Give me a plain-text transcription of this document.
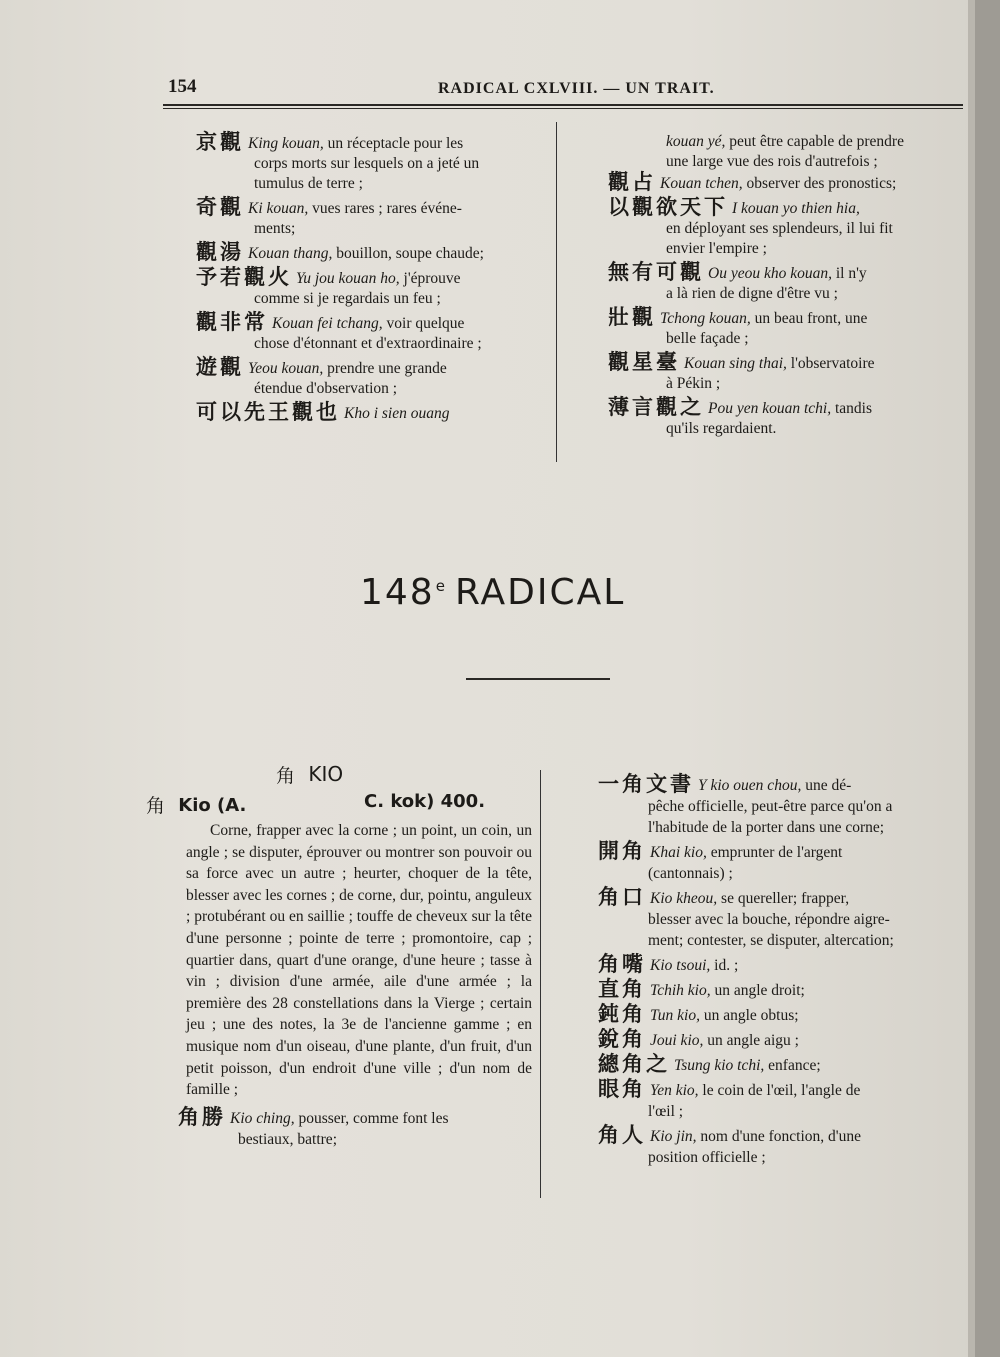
154	RADICAL CXLVIII. — UN TRAIT.
京觀 King kouan, un réceptacle pour les
corps morts sur lesquels on a jeté un
tumulus de terre ;
奇觀 Ki kouan, vues rares ; rares événe-
ments;
觀湯 Kouan thang, bouillon, soupe chaude;
予若觀火 Yu jou kouan ho, j'éprouve
comme si je regardais un feu ;
觀非常 Kouan fei tchang, voir quelque
chose d'étonnant et d'extraordinaire ;
遊觀 Yeou kouan, prendre une grande
étendue d'observation ;
可以先王觀也 Kho i sien ouang
kouan yé, peut être capable de prendre
une large vue des rois d'autrefois ;
觀占 Kouan tchen, observer des pronostics;
以觀欲天下 I kouan yo thien hia,
en déployant ses splendeurs, il lui fit
envier l'empire ;
無有可觀 Ou yeou kho kouan, il n'y
a là rien de digne d'être vu ;
壯觀 Tchong kouan, un beau front, une
belle façade ;
觀星臺 Kouan sing thai, l'observatoire
à Pékin ;
薄言觀之 Pou yen kouan tchi, tandis
qu'ils regardaient.
148e RADICAL
角 KIO
角 Kio (A.	C. kok) 400.
Corne, frapper avec la corne ; un point, un coin, un angle ; se disputer, éprouver ou montrer son pouvoir ou sa force avec un autre ; heurter, choquer de la tête, blesser avec les cornes ; de corne, dur, pointu, anguleux ; protubérant ou en saillie ; touffe de cheveux sur la tête d'une personne ; pointe de terre ; promontoire, cap ; quartier dans, quart d'une orange, d'une heure ; tasse à vin ; division d'une armée, aile d'une armée ; la première des 28 constellations dans la Vierge ; certain jeu ; une des notes, la 3e de l'ancienne gamme ; en musique nom d'un oiseau, d'une plante, d'un fruit, d'un petit poisson, d'un endroit d'une ville ; d'un nom de famille ;
角勝 Kio ching, pousser, comme font les
bestiaux, battre;
一角文書 Y kio ouen chou, une dé-
pêche officielle, peut-être parce qu'on a
l'habitude de la porter dans une corne;
開角 Khai kio, emprunter de l'argent
(cantonnais) ;
角口 Kio kheou, se quereller; frapper,
blesser avec la bouche, répondre aigre-
ment; contester, se disputer, altercation;
角嘴 Kio tsoui, id. ;
直角 Tchih kio, un angle droit;
鈍角 Tun kio, un angle obtus;
銳角 Joui kio, un angle aigu ;
總角之 Tsung kio tchi, enfance;
眼角 Yen kio, le coin de l'œil, l'angle de
l'œil ;
角人 Kio jin, nom d'une fonction, d'une
position officielle ;
